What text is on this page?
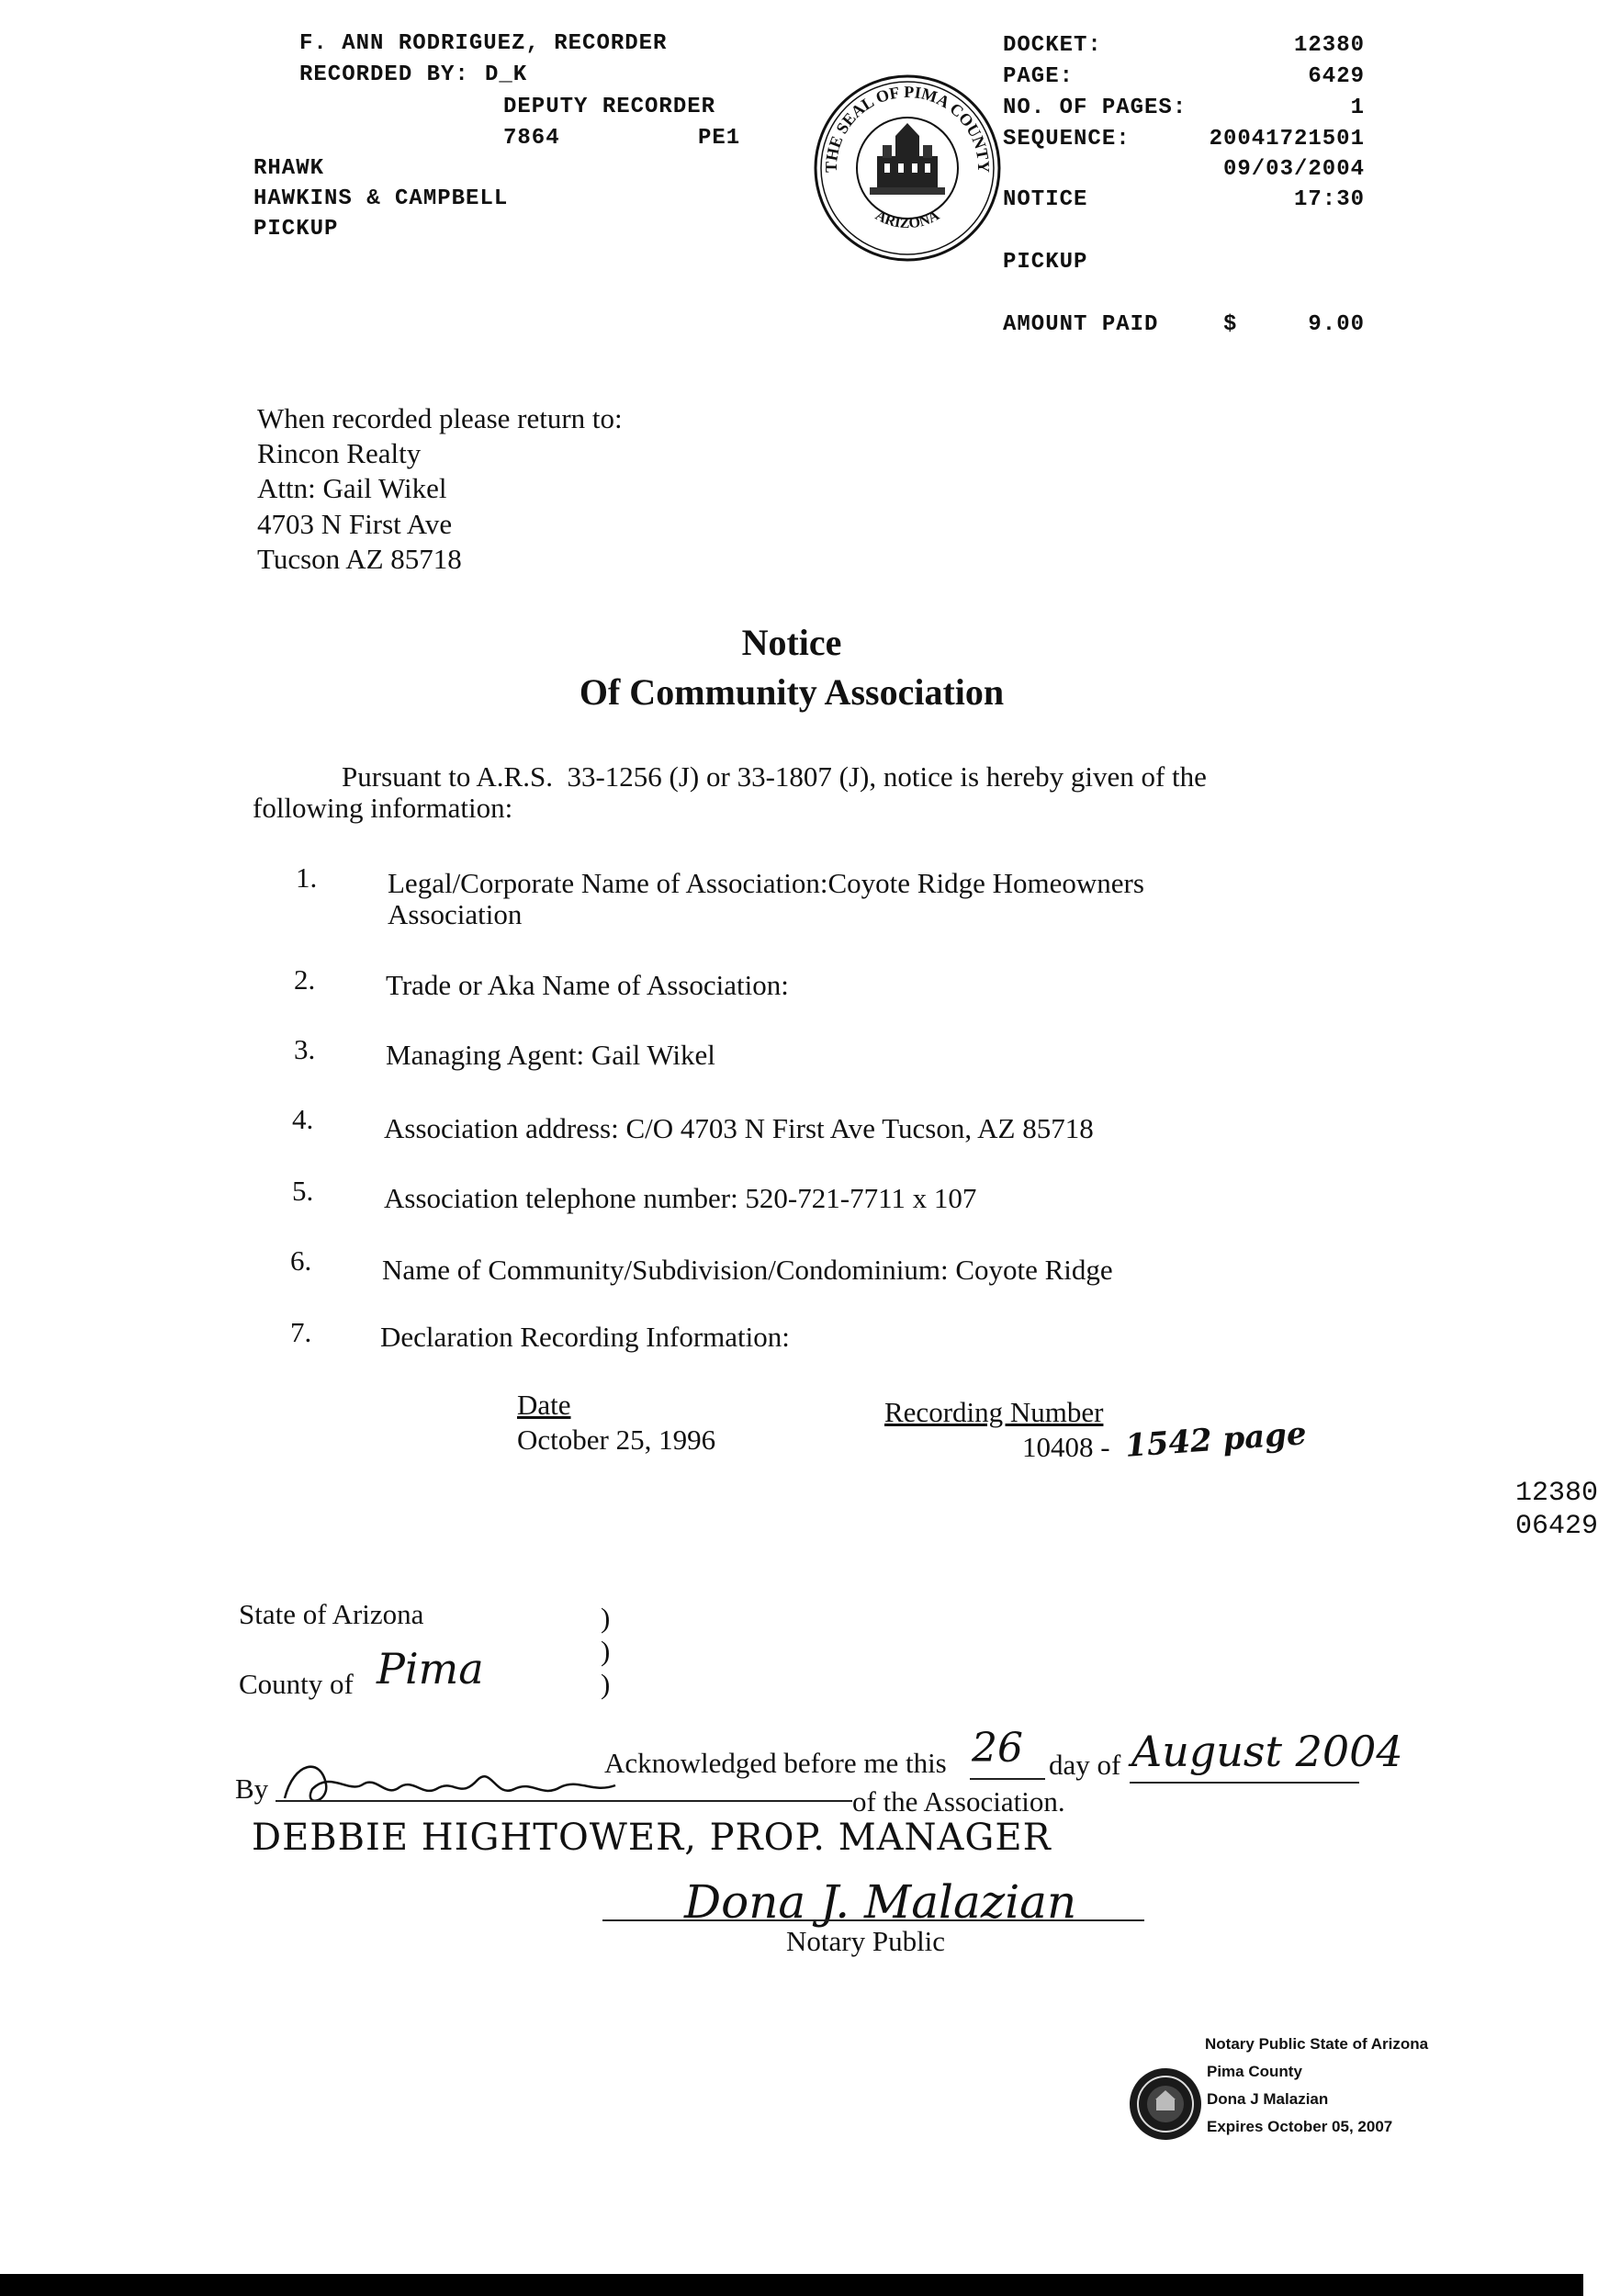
F. ANN RODRIGUEZ, RECORDER
RECORDED BY: D_K
DEPUTY RECORDER
7864	PE1
RHAWK
HAWKINS & CAMPBELL
PICKUP

THE SEAL OF PIMA COUNTY
ARIZONA

DOCKET:	12380
PAGE:	6429
NO. OF PAGES:	1
SEQUENCE:	20041721501
09/03/2004
NOTICE	17:30
PICKUP
AMOUNT PAID	$	9.00
When recorded please return to:
Rincon Realty
Attn: Gail Wikel
4703 N First Ave
Tucson AZ 85718
Notice
Of Community Association
Pursuant to A.R.S.  33-1256 (J) or 33-1807 (J), notice is hereby given of the
following information:
1. Legal/Corporate Name of Association:Coyote Ridge Homeowners
Association
2. Trade or Aka Name of Association:
3. Managing Agent: Gail Wikel
4. Association address: C/O 4703 N First Ave Tucson, AZ 85718
5. Association telephone number: 520-721-7711 x 107
6. Name of Community/Subdivision/Condominium: Coyote Ridge
7. Declaration Recording Information:
Date
October 25, 1996
Recording Number
10408 - 1542 page
State of Arizona	)
County of Pima	)
)
Acknowledged before me this 26 day of August 2004
By

	of the Association.
DEBBIE HIGHTOWER, PROP. MANAGER
Dona J. Malazian
Notary Public

Notary Public State of Arizona
Pima County
Dona J Malazian
Expires October 05, 2007
12380 06429
